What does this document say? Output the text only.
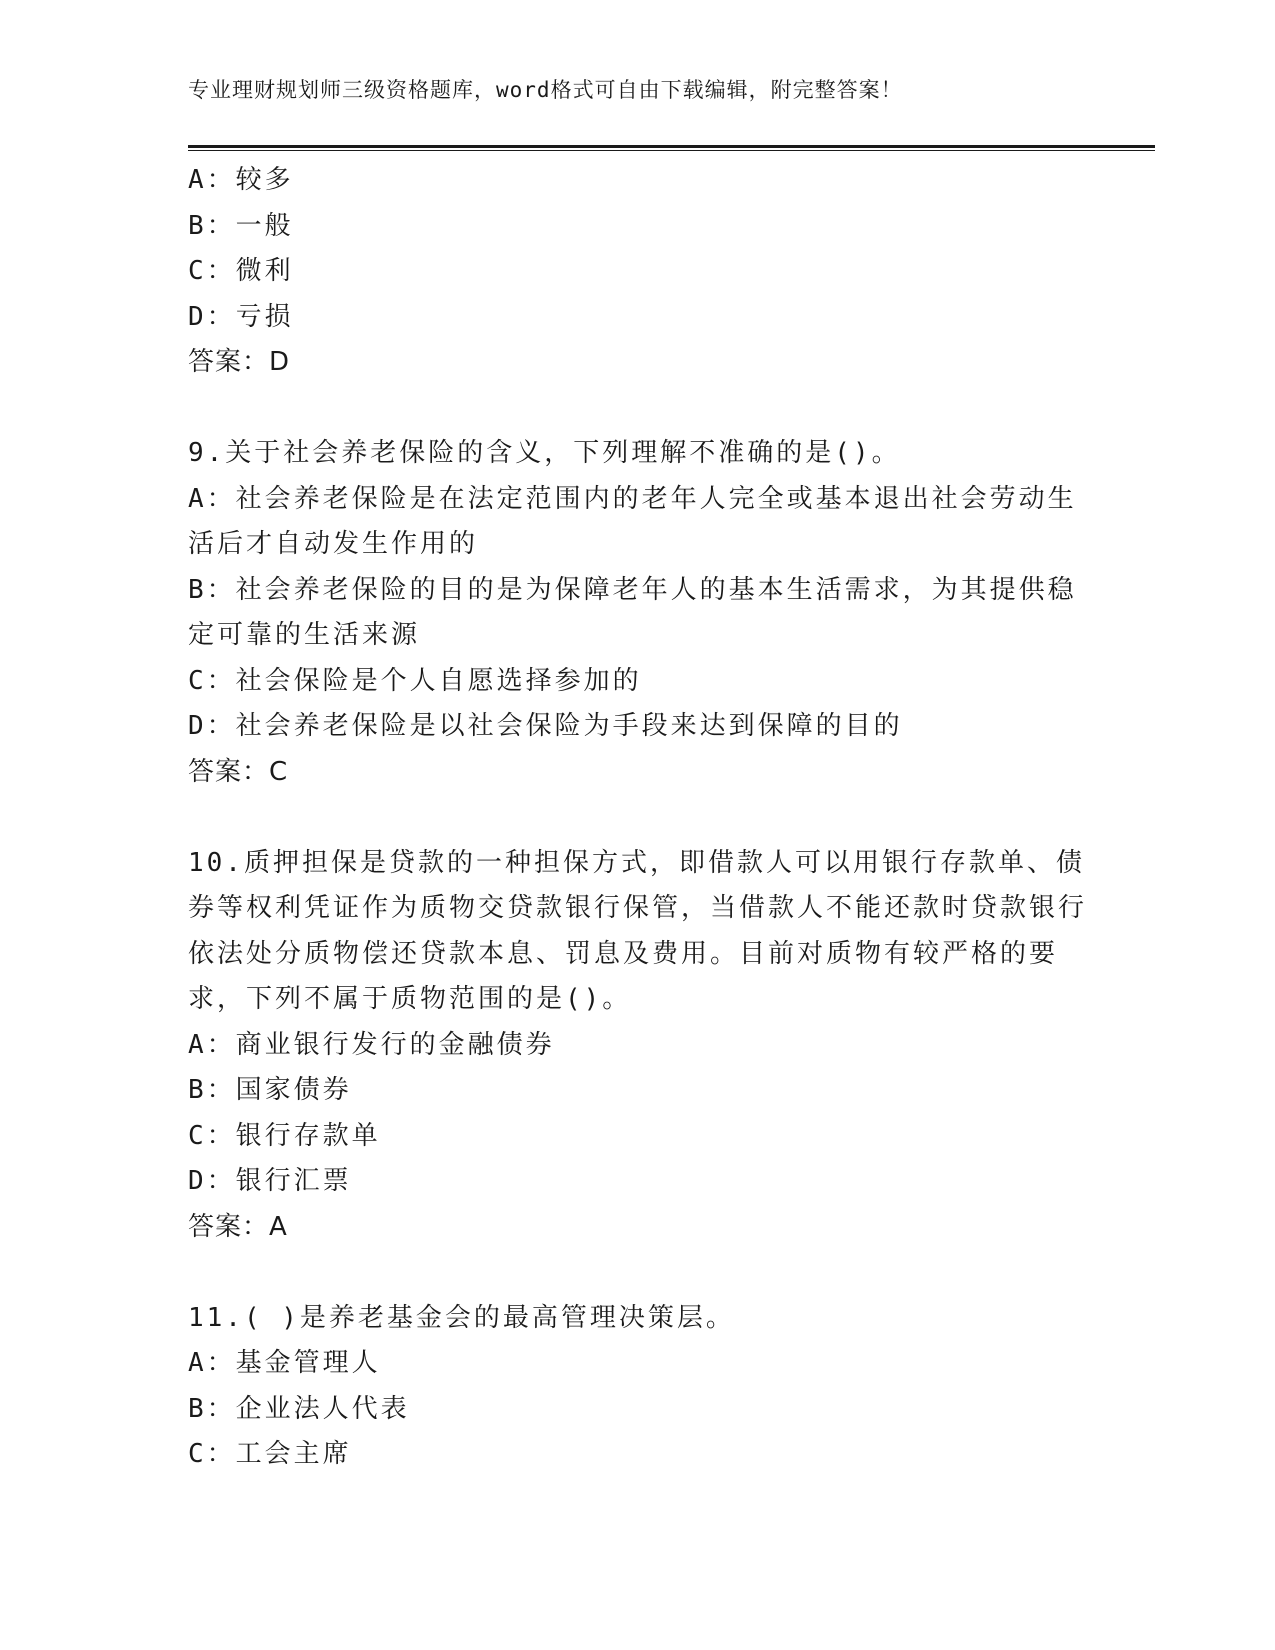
专业理财规划师三级资格题库，word格式可自由下载编辑，附完整答案！
A：较多
B：一般
C：微利
D：亏损
答案：D
9.关于社会养老保险的含义，下列理解不准确的是()。
A：社会养老保险是在法定范围内的老年人完全或基本退出社会劳动生活后才自动发生作用的
B：社会养老保险的目的是为保障老年人的基本生活需求，为其提供稳定可靠的生活来源
C：社会保险是个人自愿选择参加的
D：社会养老保险是以社会保险为手段来达到保障的目的
答案：C
10.质押担保是贷款的一种担保方式，即借款人可以用银行存款单、债券等权利凭证作为质物交贷款银行保管，当借款人不能还款时贷款银行依法处分质物偿还贷款本息、罚息及费用。目前对质物有较严格的要求，下列不属于质物范围的是()。
A：商业银行发行的金融债券
B：国家债券
C：银行存款单
D：银行汇票
答案：A
11.( )是养老基金会的最高管理决策层。
A：基金管理人
B：企业法人代表
C：工会主席
